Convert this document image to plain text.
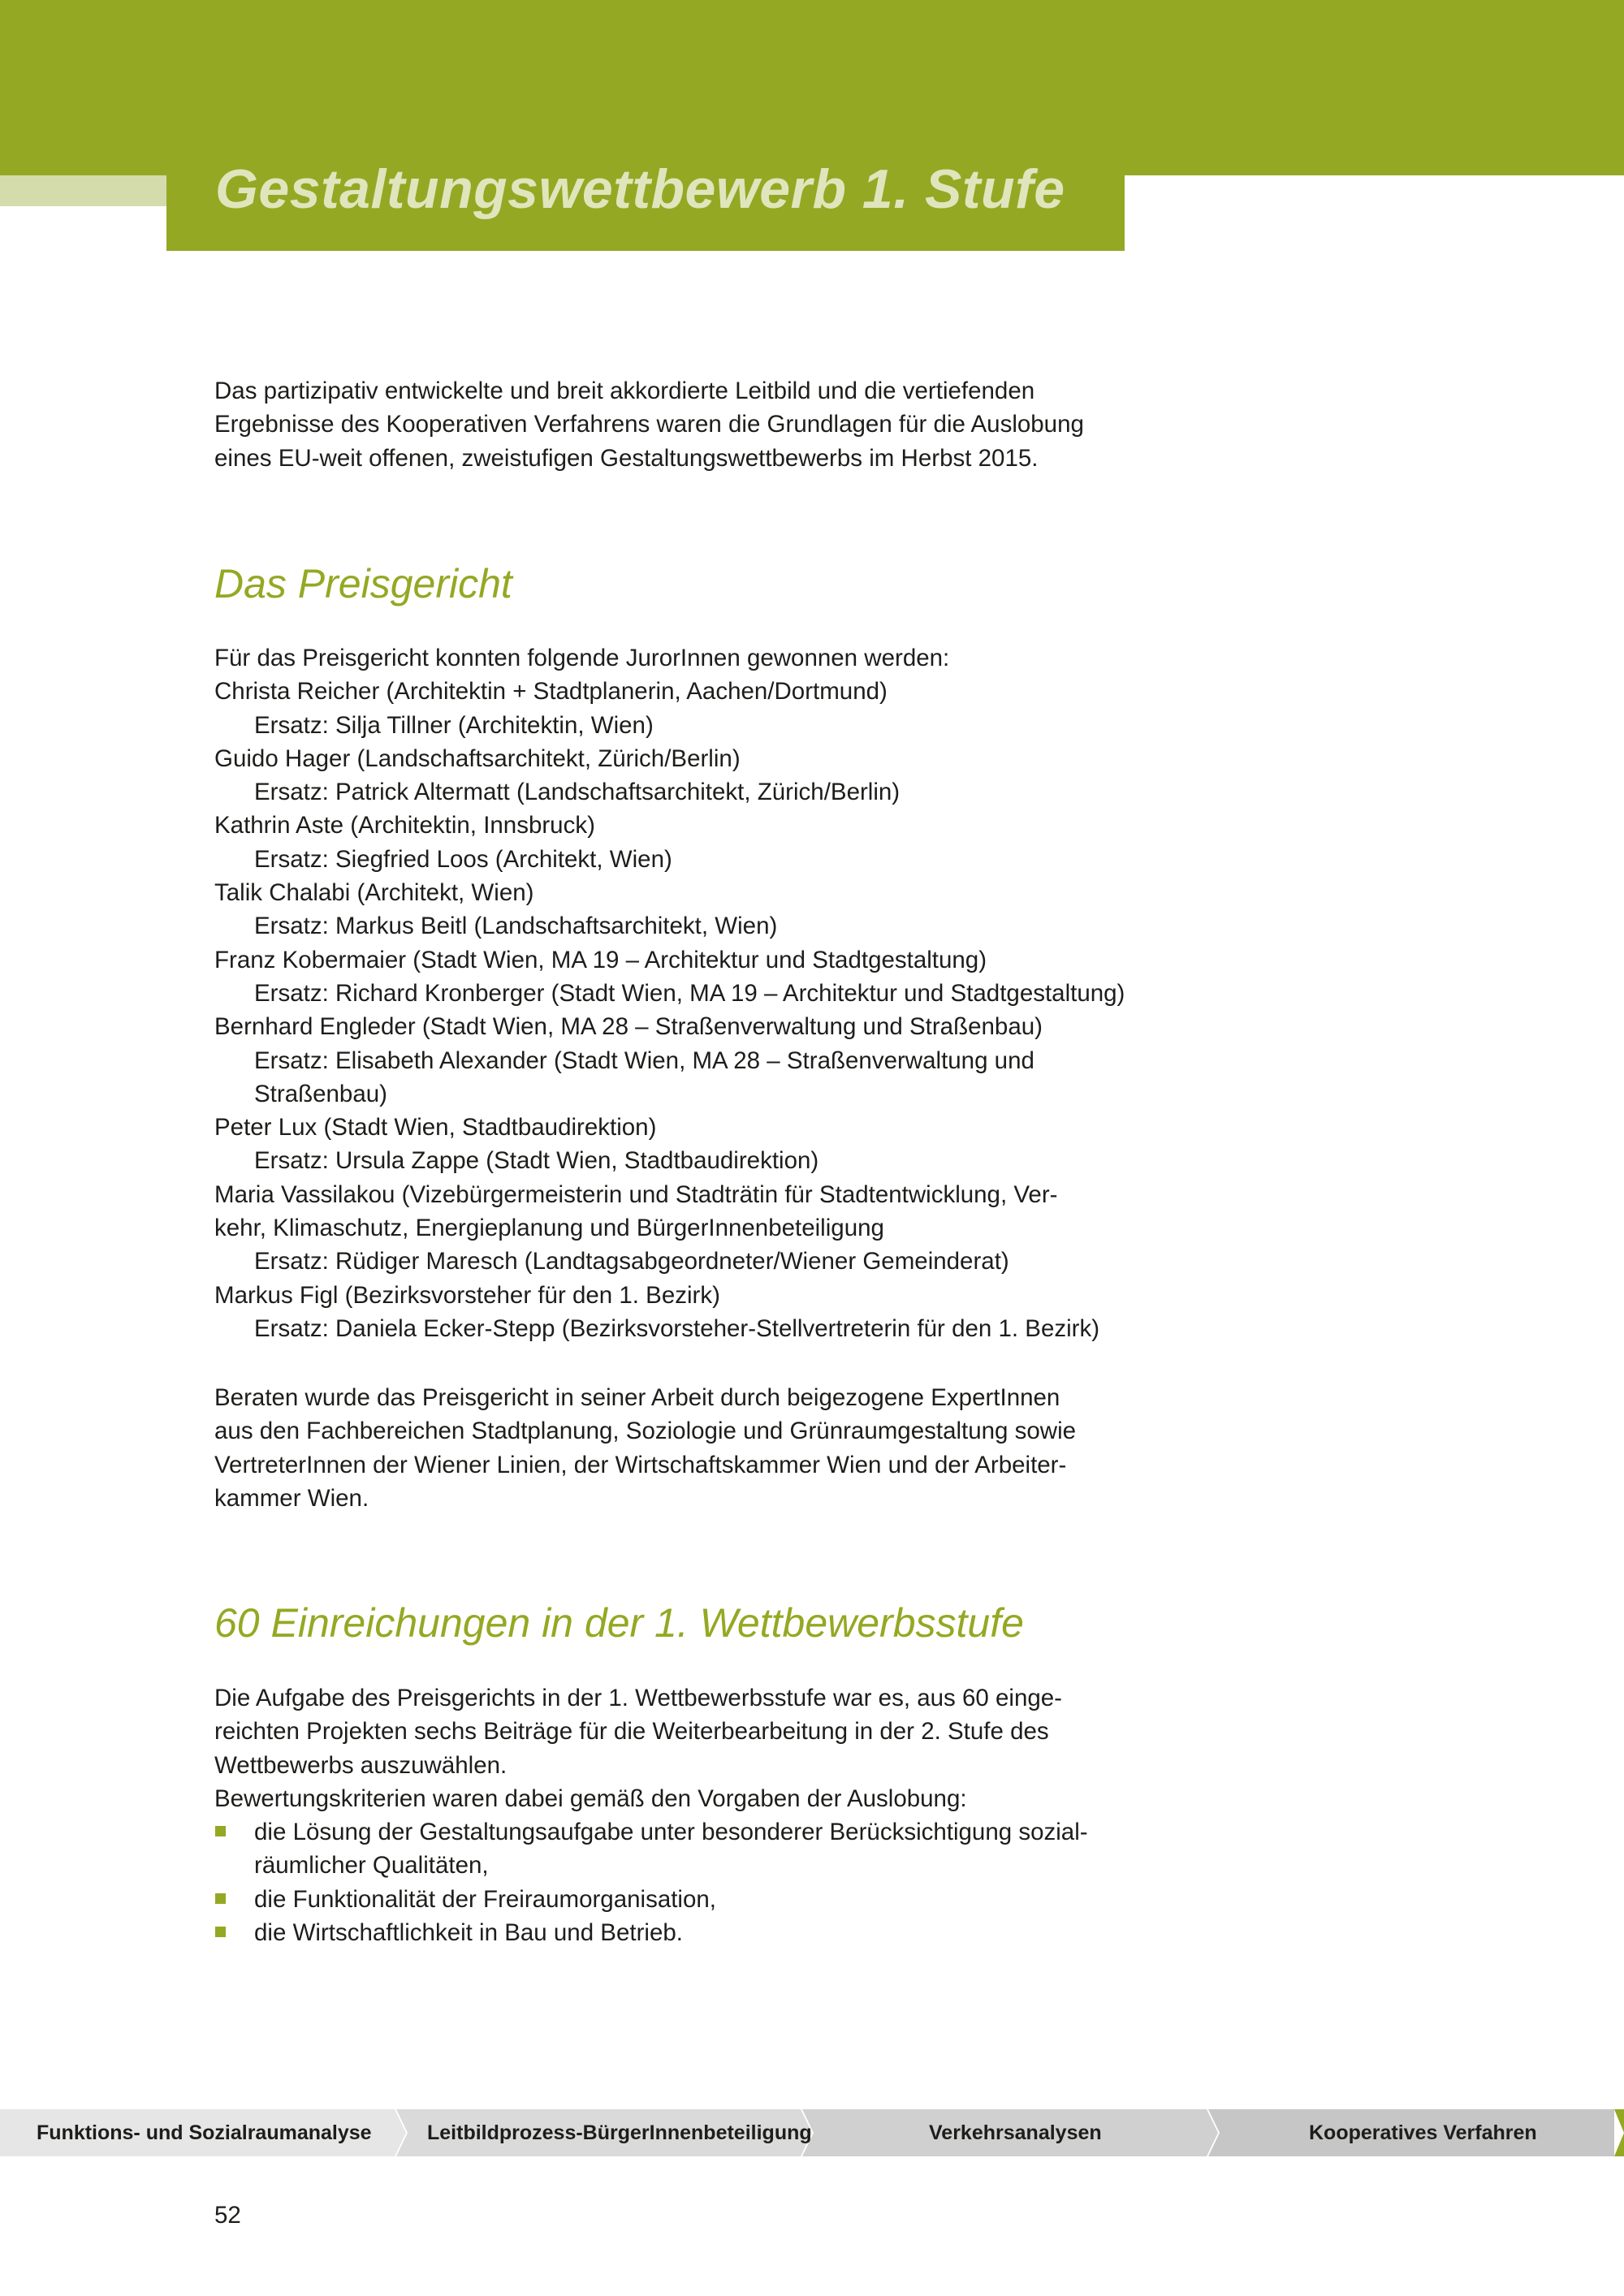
Gestaltungswettbewerb 1. Stufe

Das partizipativ entwickelte und breit akkordierte Leitbild und die vertiefenden

Ergebnisse des Kooperativen Verfahrens waren die Grundlagen für die Auslobung

eines EU-weit offenen, zweistufigen Gestaltungswettbewerbs im Herbst 2015.

Das Preisgericht

Für das Preisgericht konnten folgende JurorInnen gewonnen werden:

Christa Reicher (Architektin + Stadtplanerin, Aachen/Dortmund)

Ersatz: Silja Tillner (Architektin, Wien)

Guido Hager (Landschaftsarchitekt, Zürich/Berlin)

Ersatz: Patrick Altermatt (Landschaftsarchitekt, Zürich/Berlin)

Kathrin Aste (Architektin, Innsbruck)

Ersatz: Siegfried Loos (Architekt, Wien)

Talik Chalabi (Architekt, Wien)

Ersatz: Markus Beitl (Landschaftsarchitekt, Wien)

Franz Kobermaier (Stadt Wien, MA 19 – Architektur und Stadtgestaltung)

Ersatz: Richard Kronberger (Stadt Wien, MA 19 – Architektur und Stadtgestaltung)

Bernhard Engleder (Stadt Wien, MA 28 – Straßenverwaltung und Straßenbau)

Ersatz: Elisabeth Alexander (Stadt Wien, MA 28 – Straßenverwaltung und

Straßenbau)

Peter Lux (Stadt Wien, Stadtbaudirektion)

Ersatz: Ursula Zappe (Stadt Wien, Stadtbaudirektion)

Maria Vassilakou (Vizebürgermeisterin und Stadträtin für Stadtentwicklung, Ver-

kehr, Klimaschutz, Energieplanung und BürgerInnenbeteiligung

Ersatz: Rüdiger Maresch (Landtagsabgeordneter/Wiener Gemeinderat)

Markus Figl (Bezirksvorsteher für den 1. Bezirk)

Ersatz: Daniela Ecker-Stepp (Bezirksvorsteher-Stellvertreterin für den 1. Bezirk)

Beraten wurde das Preisgericht in seiner Arbeit durch beigezogene ExpertInnen

aus den Fachbereichen Stadtplanung, Soziologie und Grünraumgestaltung sowie

VertreterInnen der Wiener Linien, der Wirtschaftskammer Wien und der Arbeiter-

kammer Wien.

60 Einreichungen in der 1. Wettbewerbsstufe

Die Aufgabe des Preisgerichts in der 1. Wettbewerbsstufe war es, aus 60 einge-

reichten Projekten sechs Beiträge für die Weiterbearbeitung in der 2. Stufe des

Wettbewerbs auszuwählen.

Bewertungskriterien waren dabei gemäß den Vorgaben der Auslobung:

die Lösung der Gestaltungsaufgabe unter besonderer Berücksichtigung sozial-
räumlicher Qualitäten,
die Funktionalität der Freiraumorganisation,
die Wirtschaftlichkeit in Bau und Betrieb.
Funktions- und Sozialraumanalyse	Leitbildprozess-BürgerInnenbeteiligung	Verkehrsanalysen	Kooperatives Verfahren
52
